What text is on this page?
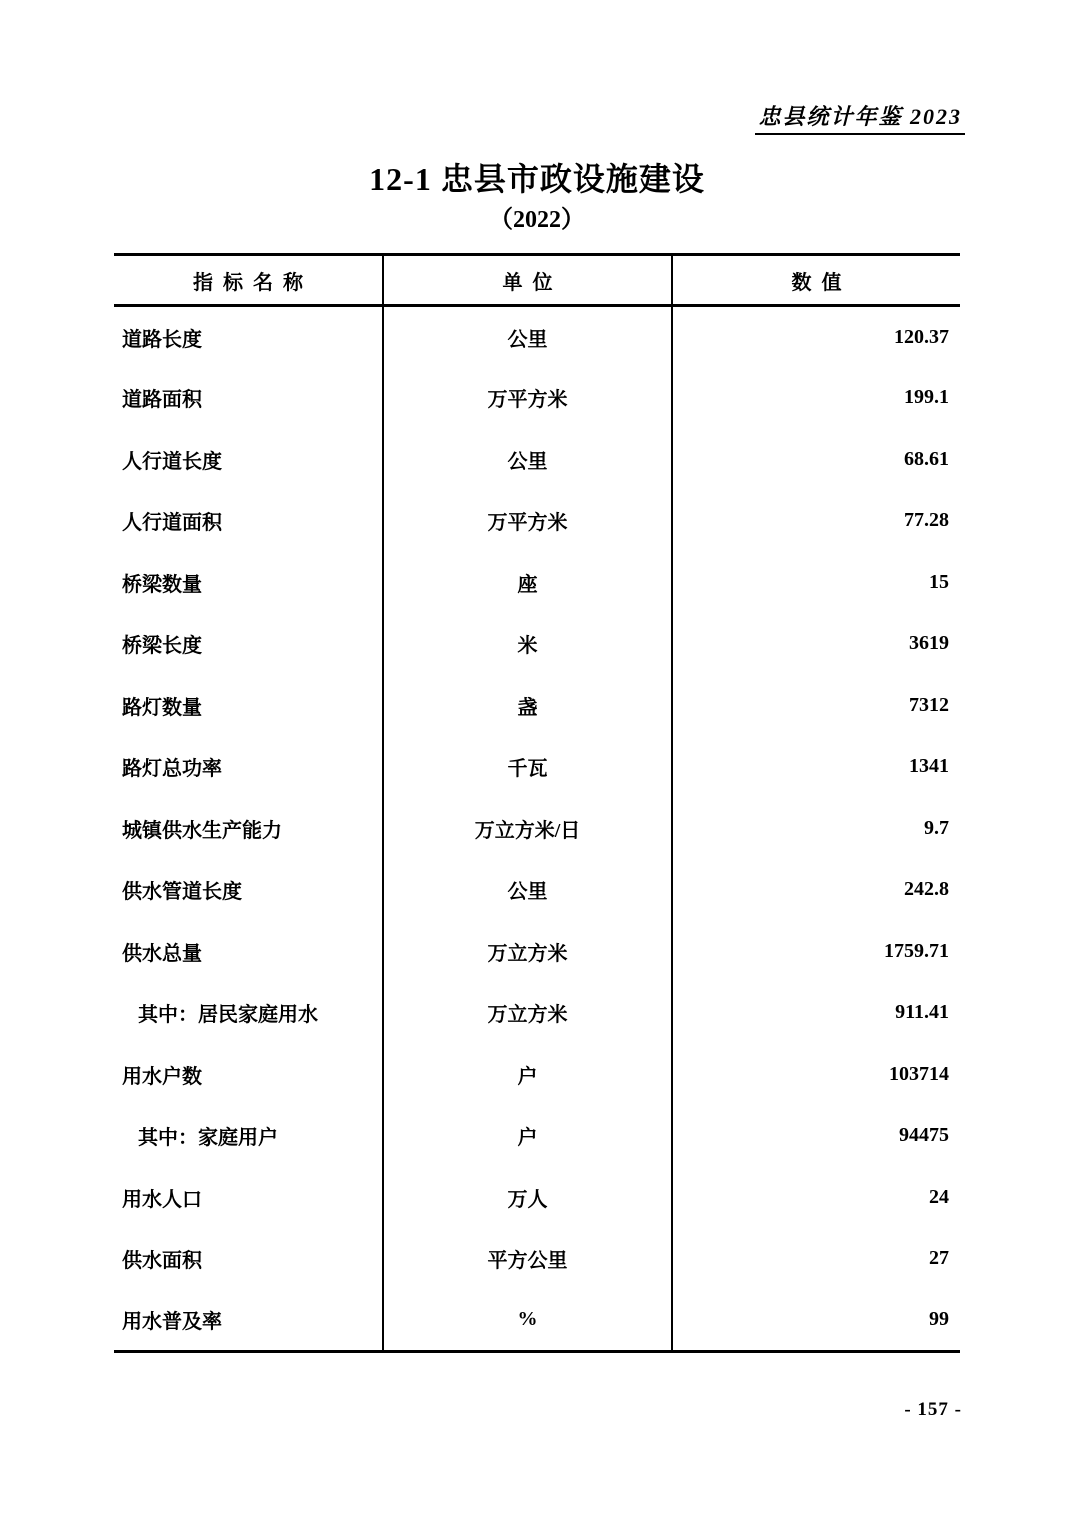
忠县统计年鉴 2023
12-1 忠县市政设施建设
（2022）
指  标  名  称	单  位	数  值
道路长度	公里	120.37
道路面积	万平方米	199.1
人行道长度	公里	68.61
人行道面积	万平方米	77.28
桥梁数量	座	15
桥梁长度	米	3619
路灯数量	盏	7312
路灯总功率	千瓦	1341
城镇供水生产能力	万立方米/日	9.7
供水管道长度	公里	242.8
供水总量	万立方米	1759.71
其中：居民家庭用水	万立方米	911.41
用水户数	户	103714
其中：家庭用户	户	94475
用水人口	万人	24
供水面积	平方公里	27
用水普及率	%	99
- 157 -
